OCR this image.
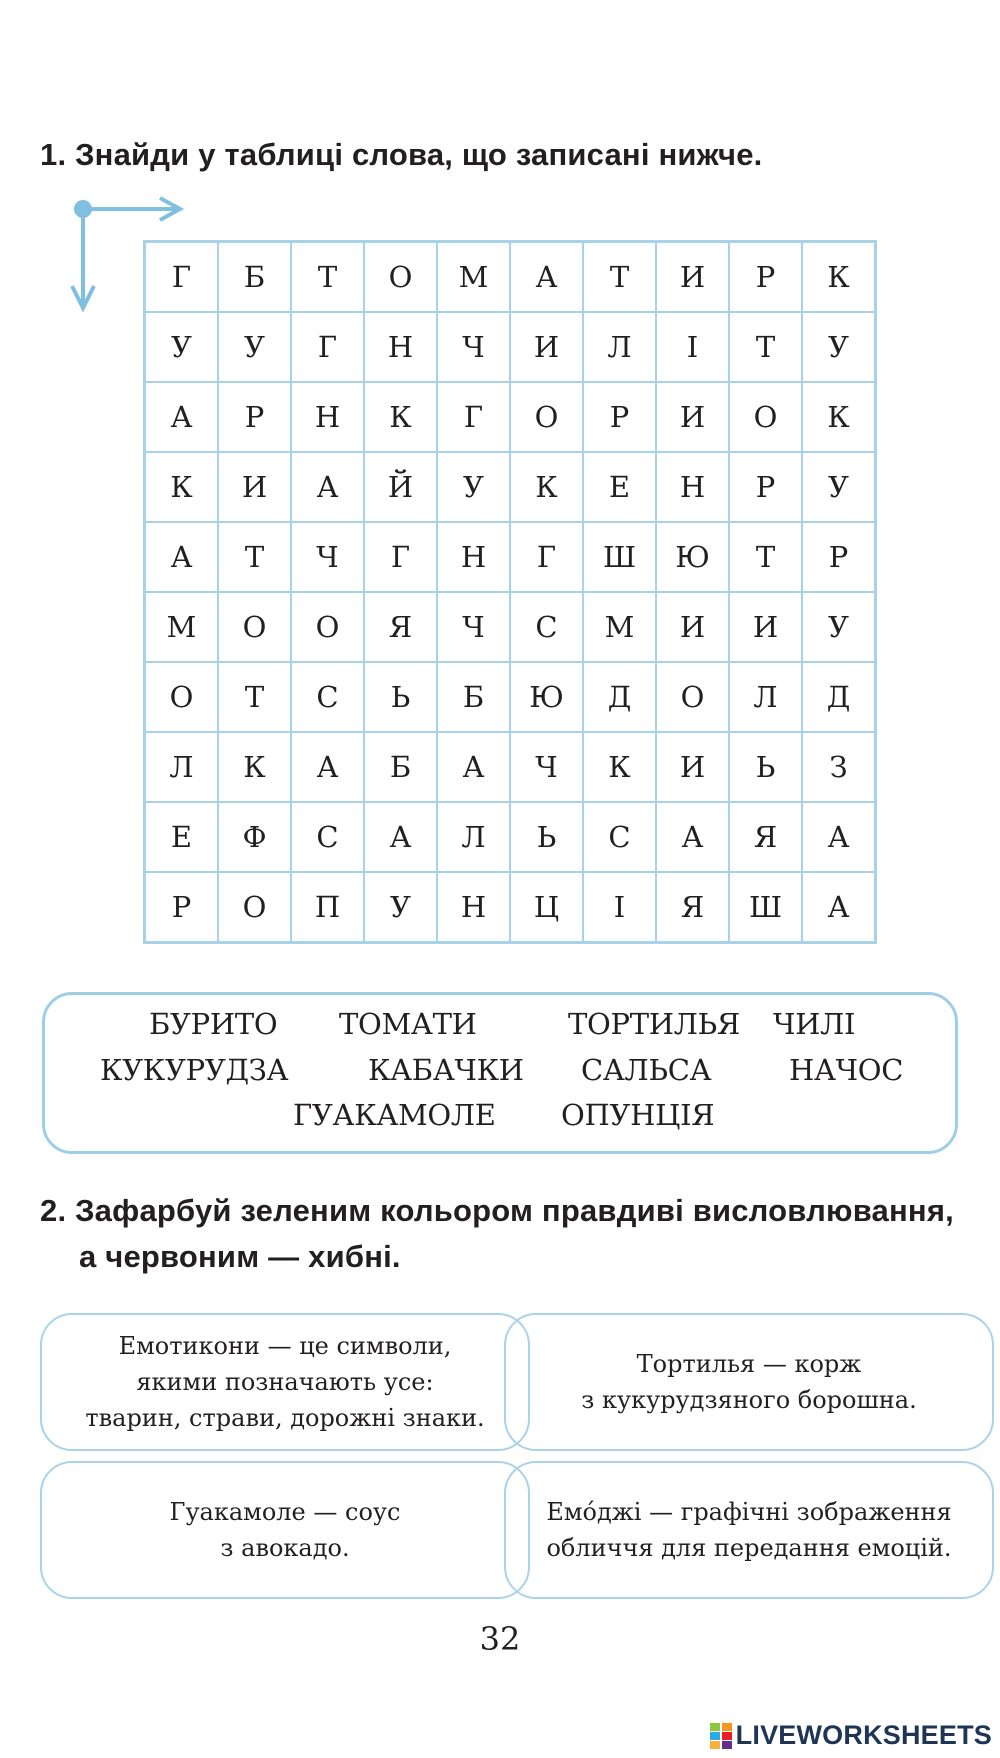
1. Знайди у таблиці слова, що записані нижче.
Г	Б	Т	О	М	А	Т	И	Р	К
У	У	Г	Н	Ч	И	Л	І	Т	У
А	Р	Н	К	Г	О	Р	И	О	К
К	И	А	Й	У	К	Е	Н	Р	У
А	Т	Ч	Г	Н	Г	Ш	Ю	Т	Р
М	О	О	Я	Ч	С	М	И	И	У
О	Т	С	Ь	Б	Ю	Д	О	Л	Д
Л	К	А	Б	А	Ч	К	И	Ь	З
Е	Ф	С	А	Л	Ь	С	А	Я	А
Р	О	П	У	Н	Ц	І	Я	Ш	А
БУРИТО ТОМАТИ	ТОРТИЛЬЯ ЧИЛІ
КУКУРУДЗА	КАБАЧКИ САЛЬСА	НАЧОС
ГУАКАМОЛЕ ОПУНЦІЯ
2. Зафарбуй зеленим кольором правдиві висловлювання,
а червоним — хибні.
Емотикони — це символи,
якими позначають усе:
тварин, страви, дорожні знаки.
Тортилья — корж
з кукурудзяного борошна.
Гуакамоле — соус
з авокадо.
Емо́джі — графічні зображення
обличчя для передання емоцій.
32
LIVEWORKSHEETS
